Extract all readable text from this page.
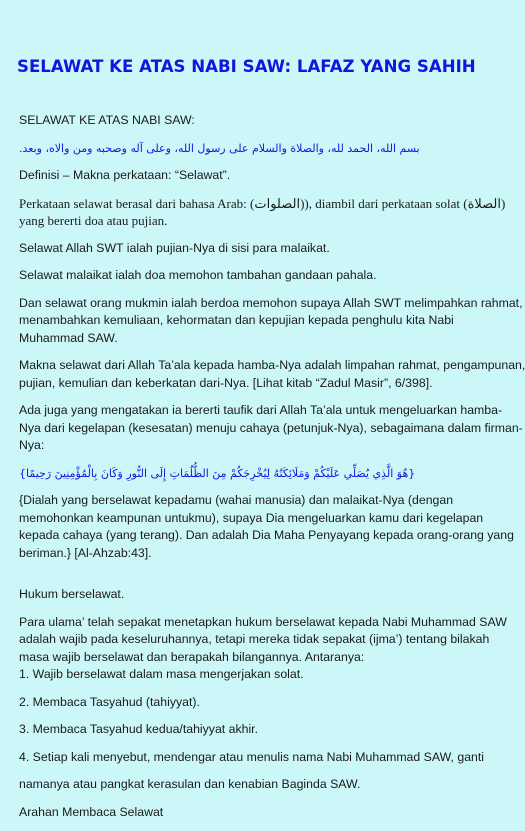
SELAWAT KE ATAS NABI SAW: LAFAZ YANG SAHIH

SELAWAT KE ATAS NABI SAW:

بسم الله، الحمد لله، والصلاة والسلام على رسول الله، وعلى آله وصحبه ومن والاه، وبعد.

Definisi – Makna perkataan: “Selawat”.

Perkataan selawat berasal dari bahasa Arab: (الصلوات)), diambil dari perkataan solat (الصلاة)
yang bererti doa atau pujian.

Selawat Allah SWT ialah pujian-Nya di sisi para malaikat.

Selawat malaikat ialah doa memohon tambahan gandaan pahala.

Dan selawat orang mukmin ialah berdoa memohon supaya Allah SWT melimpahkan rahmat,
menambahkan kemuliaan, kehormatan dan kepujian kepada penghulu kita Nabi
Muhammad SAW.

Makna selawat dari Allah Ta’ala kepada hamba-Nya adalah limpahan rahmat, pengampunan,
pujian, kemulian dan keberkatan dari-Nya. [Lihat kitab “Zadul Masir”, 6/398].

Ada juga yang mengatakan ia bererti taufik dari Allah Ta’ala untuk mengeluarkan hamba-
Nya dari kegelapan (kesesatan) menuju cahaya (petunjuk-Nya), sebagaimana dalam firman-
Nya:

{هُوَ الَّذِي يُصَلِّي عَلَيْكُمْ وَمَلَائِكَتُهُ لِيُخْرِجَكُمْ مِنَ الظُّلُمَاتِ إِلَى النُّورِ وَكَانَ بِالْمُؤْمِنِينَ رَحِيمًا}

{Dialah yang berselawat kepadamu (wahai manusia) dan malaikat-Nya (dengan
memohonkan keampunan untukmu), supaya Dia mengeluarkan kamu dari kegelapan
kepada cahaya (yang terang). Dan adalah Dia Maha Penyayang kepada orang-orang yang
beriman.} [Al-Ahzab:43].

Hukum berselawat.

Para ulama’ telah sepakat menetapkan hukum berselawat kepada Nabi Muhammad SAW
adalah wajib pada keseluruhannya, tetapi mereka tidak sepakat (ijma’) tentang bilakah
masa wajib berselawat dan berapakah bilangannya. Antaranya:

1. Wajib berselawat dalam masa mengerjakan solat.

2. Membaca Tasyahud (tahiyyat).

3. Membaca Tasyahud kedua/tahiyyat akhir.

4. Setiap kali menyebut, mendengar atau menulis nama Nabi Muhammad SAW, ganti

namanya atau pangkat kerasulan dan kenabian Baginda SAW.

Arahan Membaca Selawat
